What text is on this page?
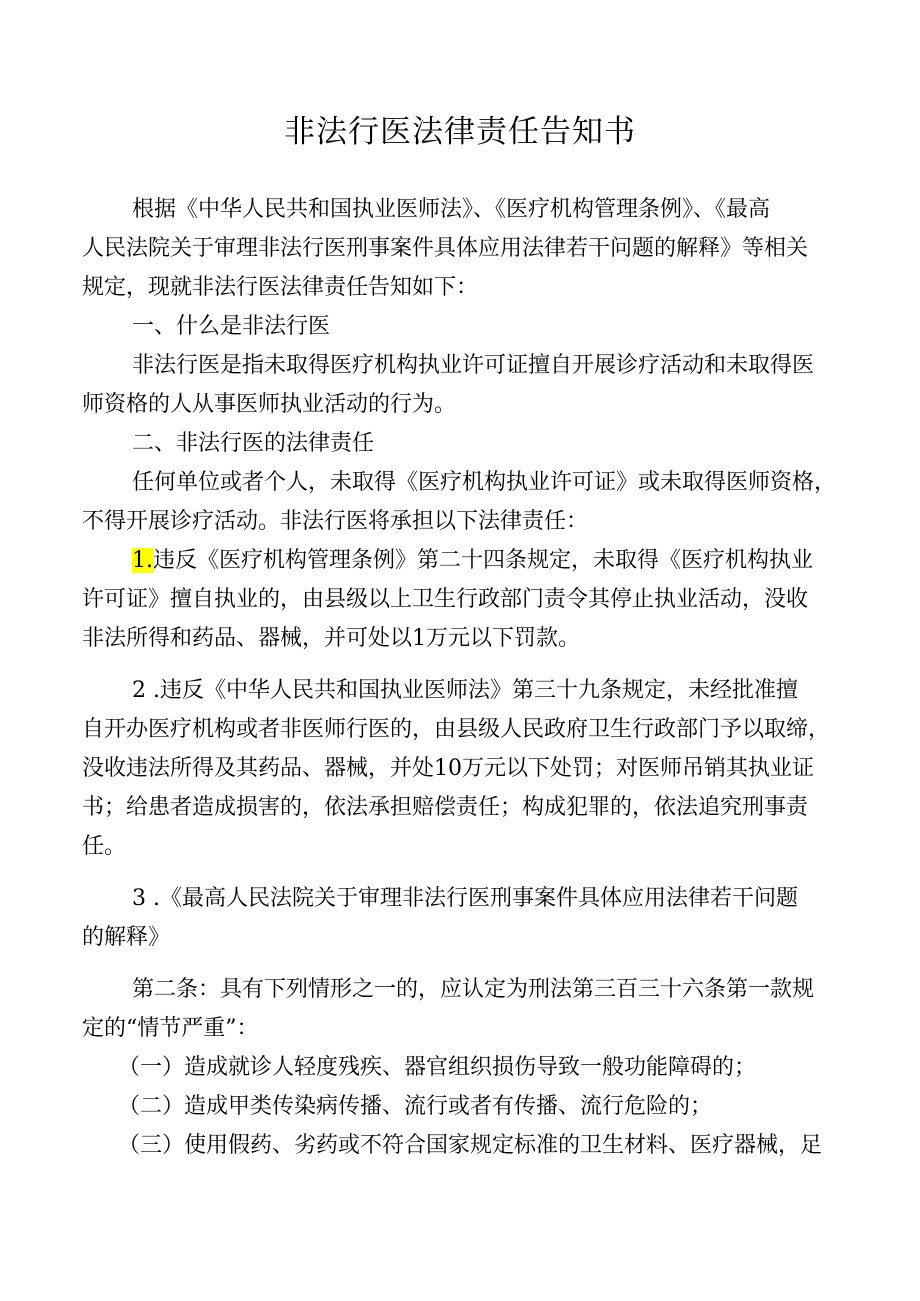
非法行医法律责任告知书
根据《中华人民共和国执业医师法》、《医疗机构管理条例》、《最高
人民法院关于审理非法行医刑事案件具体应用法律若干问题的解释》等相关
规定，现就非法行医法律责任告知如下：
一、什么是非法行医
非法行医是指未取得医疗机构执业许可证擅自开展诊疗活动和未取得医
师资格的人从事医师执业活动的行为。
二、非法行医的法律责任
任何单位或者个人，未取得《医疗机构执业许可证》或未取得医师资格，
不得开展诊疗活动。非法行医将承担以下法律责任：
1.违反《医疗机构管理条例》第二十四条规定，未取得《医疗机构执业
许可证》擅自执业的，由县级以上卫生行政部门责令其停止执业活动，没收
非法所得和药品、器械，并可处以1万元以下罚款。
2 .违反《中华人民共和国执业医师法》第三十九条规定，未经批准擅
自开办医疗机构或者非医师行医的，由县级人民政府卫生行政部门予以取缔，
没收违法所得及其药品、器械，并处10万元以下处罚；对医师吊销其执业证
书；给患者造成损害的，依法承担赔偿责任；构成犯罪的，依法追究刑事责
任。
3 .《最高人民法院关于审理非法行医刑事案件具体应用法律若干问题
的解释》
第二条：具有下列情形之一的，应认定为刑法第三百三十六条第一款规
定的“情节严重”：
（一）造成就诊人轻度残疾、器官组织损伤导致一般功能障碍的；
（二）造成甲类传染病传播、流行或者有传播、流行危险的；
（三）使用假药、劣药或不符合国家规定标准的卫生材料、医疗器械，足
